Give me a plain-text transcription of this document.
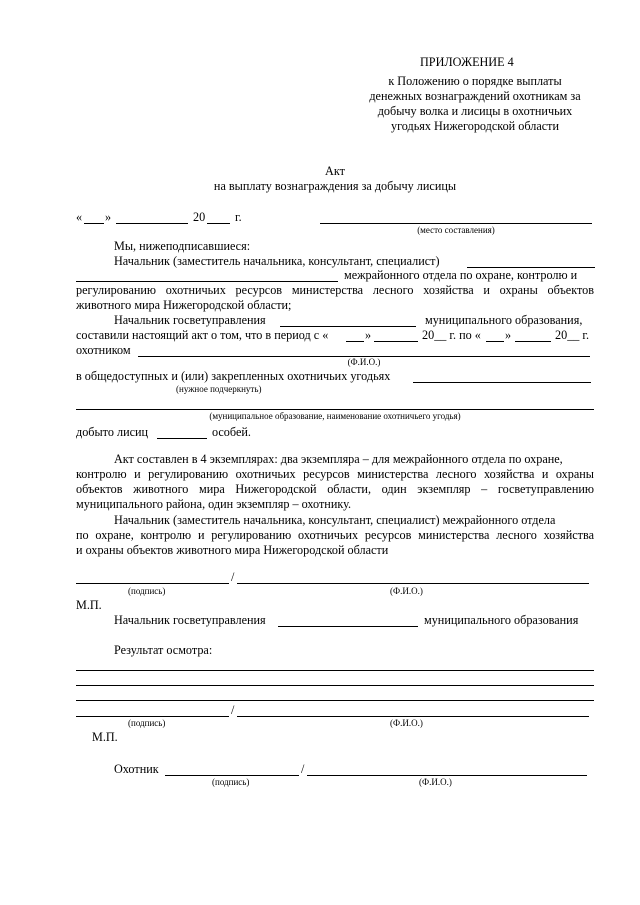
ПРИЛОЖЕНИЕ 4
к Положению о порядке выплаты
денежных вознаграждений охотникам за
добычу волка и лисицы в охотничьих
угодьях Нижегородской области
Акт
на выплату вознаграждения за добычу лисицы
« »	20 г.
(место составления)
Мы, нижеподписавшиеся:
Начальник (заместитель начальника, консультант, специалист)
межрайонного отдела по охране, контролю и
регулированию охотничьих ресурсов министерства лесного хозяйства и охраны объектов
животного мира Нижегородской области;
Начальник госветуправления	муниципального образования,
составили настоящий акт о том, что в период с «	»	20__ г. по « »	20__ г.
охотником
(Ф.И.О.)
в общедоступных и (или) закрепленных охотничьих угодьях
(нужное подчеркнуть)
(муниципальное образование, наименование охотничьего угодья)
добыто лисиц	особей.
Акт составлен в 4 экземплярах: два экземпляра – для межрайонного отдела по охране,
контролю и регулированию охотничьих ресурсов министерства лесного хозяйства и охраны
объектов животного мира Нижегородской области, один экземпляр – госветуправлению
муниципального района, один экземпляр – охотнику.
Начальник (заместитель начальника, консультант, специалист) межрайонного отдела
по охране, контролю и регулированию охотничьих ресурсов министерства лесного хозяйства
и охраны объектов животного мира Нижегородской области
/
(подпись)	(Ф.И.О.)
М.П.
Начальник госветуправления	муниципального образования
Результат осмотра:
/
(подпись)	(Ф.И.О.)
М.П.
Охотник	/
(подпись)	(Ф.И.О.)
